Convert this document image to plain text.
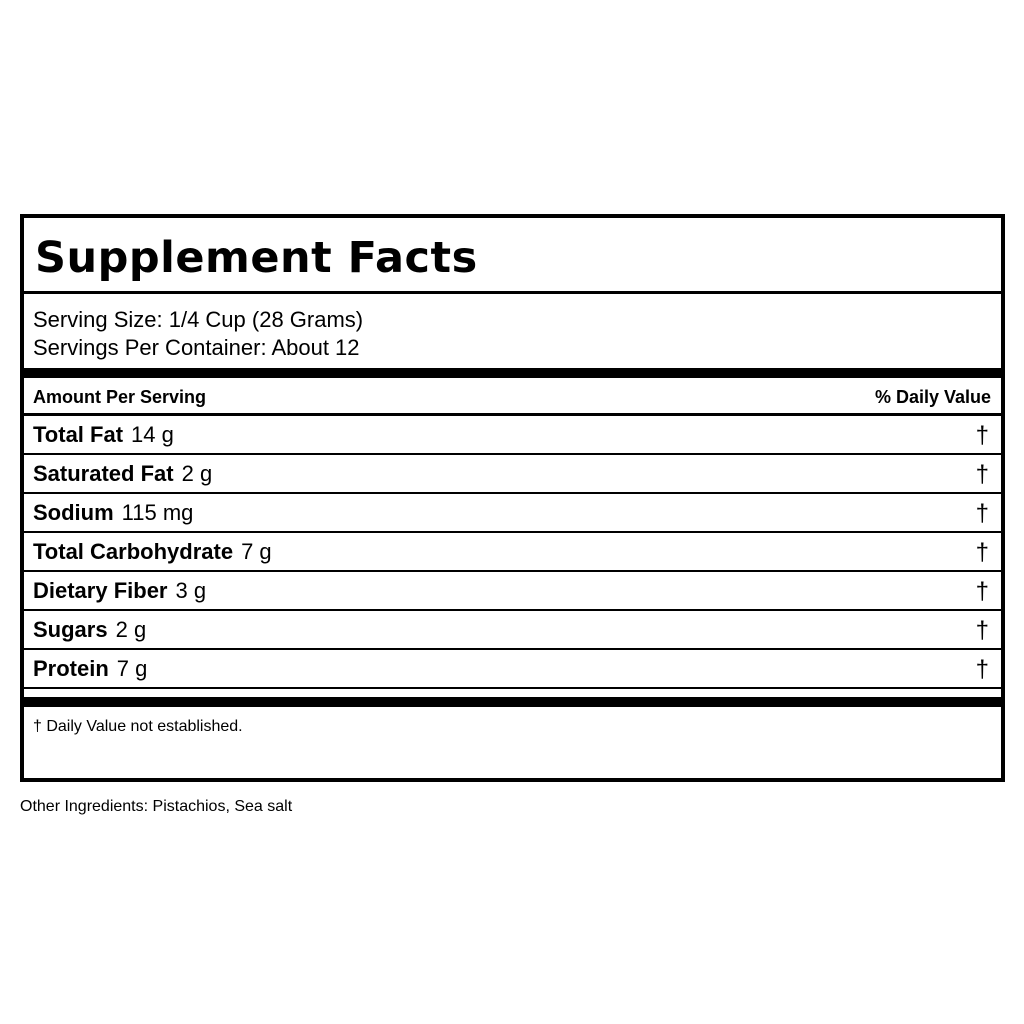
Supplement Facts
Serving Size: 1/4 Cup (28 Grams)
Servings Per Container: About 12
Amount Per Serving	% Daily Value
Total Fat 14 g	†
Saturated Fat 2 g	†
Sodium 115 mg	†
Total Carbohydrate 7 g	†
Dietary Fiber 3 g	†
Sugars 2 g	†
Protein 7 g	†
† Daily Value not established.
Other Ingredients: Pistachios, Sea salt
